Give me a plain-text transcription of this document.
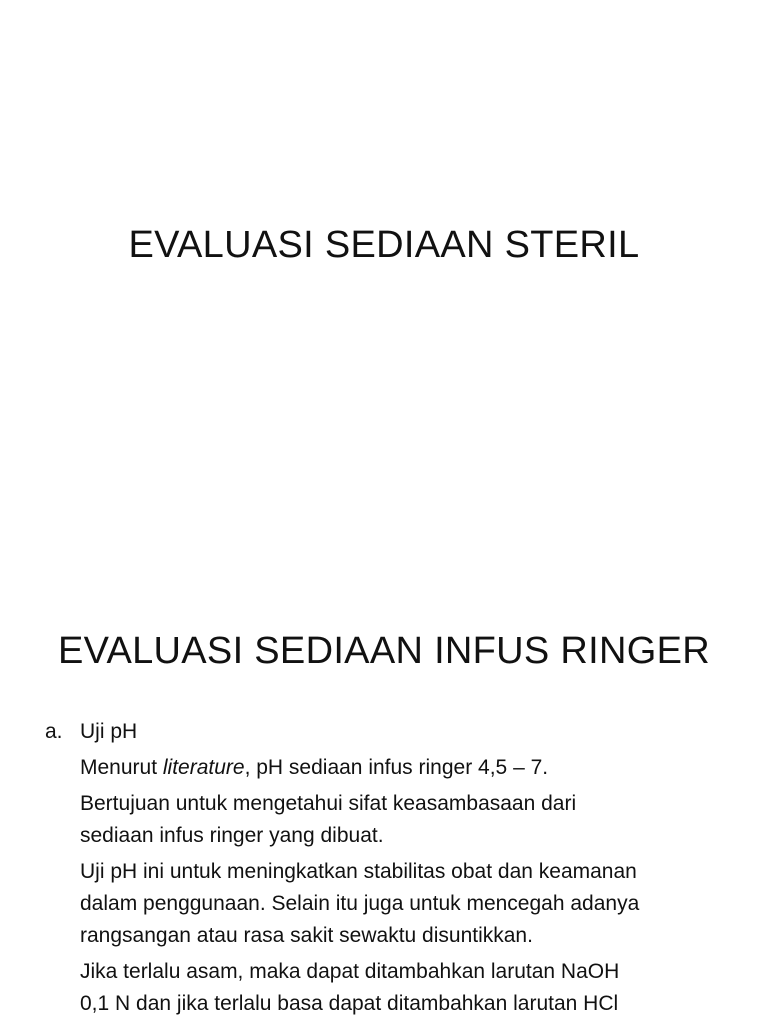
EVALUASI SEDIAAN STERIL
EVALUASI SEDIAAN INFUS RINGER
a. Uji pH
Menurut literature, pH sediaan infus ringer 4,5 – 7.
Bertujuan untuk mengetahui sifat keasambasaan dari
sediaan infus ringer yang dibuat.
Uji pH ini untuk meningkatkan stabilitas obat dan keamanan
dalam penggunaan. Selain itu juga untuk mencegah adanya
rangsangan atau rasa sakit sewaktu disuntikkan.
Jika terlalu asam, maka dapat ditambahkan larutan NaOH
0,1 N dan jika terlalu basa dapat ditambahkan larutan HCl
